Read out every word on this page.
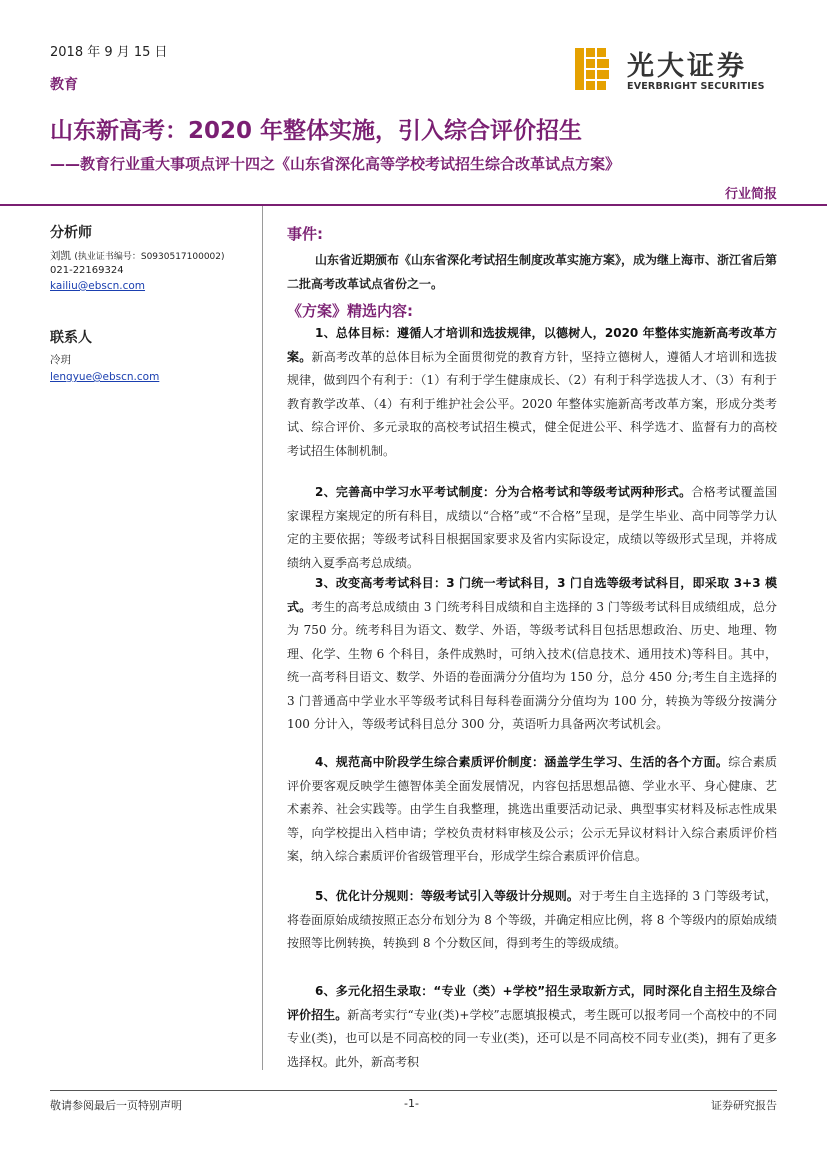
2018 年 9 月 15 日
教育
光大证券
EVERBRIGHT SECURITIES
山东新高考：2020 年整体实施，引入综合评价招生
——教育行业重大事项点评十四之《山东省深化高等学校考试招生综合改革试点方案》
行业简报
分析师
刘凯 (执业证书编号：S0930517100002)
021-22169324
kailiu@ebscn.com
联系人
冷玥
lengyue@ebscn.com
事件:
山东省近期颁布《山东省深化考试招生制度改革实施方案》，成为继上海市、浙江省后第二批高考改革试点省份之一。
《方案》精选内容:
1、总体目标：遵循人才培训和选拔规律，以德树人，2020 年整体实施新高考改革方案。新高考改革的总体目标为全面贯彻党的教育方针，坚持立德树人，遵循人才培训和选拔规律，做到四个有利于：（1）有利于学生健康成长、（2）有利于科学选拔人才、（3）有利于教育教学改革、（4）有利于维护社会公平。2020 年整体实施新高考改革方案，形成分类考试、综合评价、多元录取的高校考试招生模式，健全促进公平、科学选才、监督有力的高校考试招生体制机制。
2、完善高中学习水平考试制度：分为合格考试和等级考试两种形式。合格考试覆盖国家课程方案规定的所有科目，成绩以“合格”或“不合格”呈现，是学生毕业、高中同等学力认定的主要依据；等级考试科目根据国家要求及省内实际设定，成绩以等级形式呈现，并将成绩纳入夏季高考总成绩。
3、改变高考考试科目：3 门统一考试科目，3 门自选等级考试科目，即采取 3+3 模式。考生的高考总成绩由 3 门统考科目成绩和自主选择的 3 门等级考试科目成绩组成，总分为 750 分。统考科目为语文、数学、外语，等级考试科目包括思想政治、历史、地理、物理、化学、生物 6 个科目，条件成熟时，可纳入技术(信息技术、通用技术)等科目。其中，统一高考科目语文、数学、外语的卷面满分分值均为 150 分，总分 450 分;考生自主选择的 3 门普通高中学业水平等级考试科目每科卷面满分分值均为 100 分，转换为等级分按满分 100 分计入，等级考试科目总分 300 分，英语听力具备两次考试机会。
4、规范高中阶段学生综合素质评价制度：涵盖学生学习、生活的各个方面。综合素质评价要客观反映学生德智体美全面发展情况，内容包括思想品德、学业水平、身心健康、艺术素养、社会实践等。由学生自我整理，挑选出重要活动记录、典型事实材料及标志性成果等，向学校提出入档申请；学校负责材料审核及公示；公示无异议材料计入综合素质评价档案，纳入综合素质评价省级管理平台，形成学生综合素质评价信息。
5、优化计分规则：等级考试引入等级计分规则。对于考生自主选择的 3 门等级考试，将卷面原始成绩按照正态分布划分为 8 个等级，并确定相应比例，将 8 个等级内的原始成绩按照等比例转换，转换到 8 个分数区间，得到考生的等级成绩。
6、多元化招生录取：“专业（类）+学校”招生录取新方式，同时深化自主招生及综合评价招生。新高考实行“专业(类)+学校”志愿填报模式，考生既可以报考同一个高校中的不同专业(类)，也可以是不同高校的同一专业(类)，还可以是不同高校不同专业(类)，拥有了更多选择权。此外，新高考积
敬请参阅最后一页特别声明	-1-	证券研究报告
